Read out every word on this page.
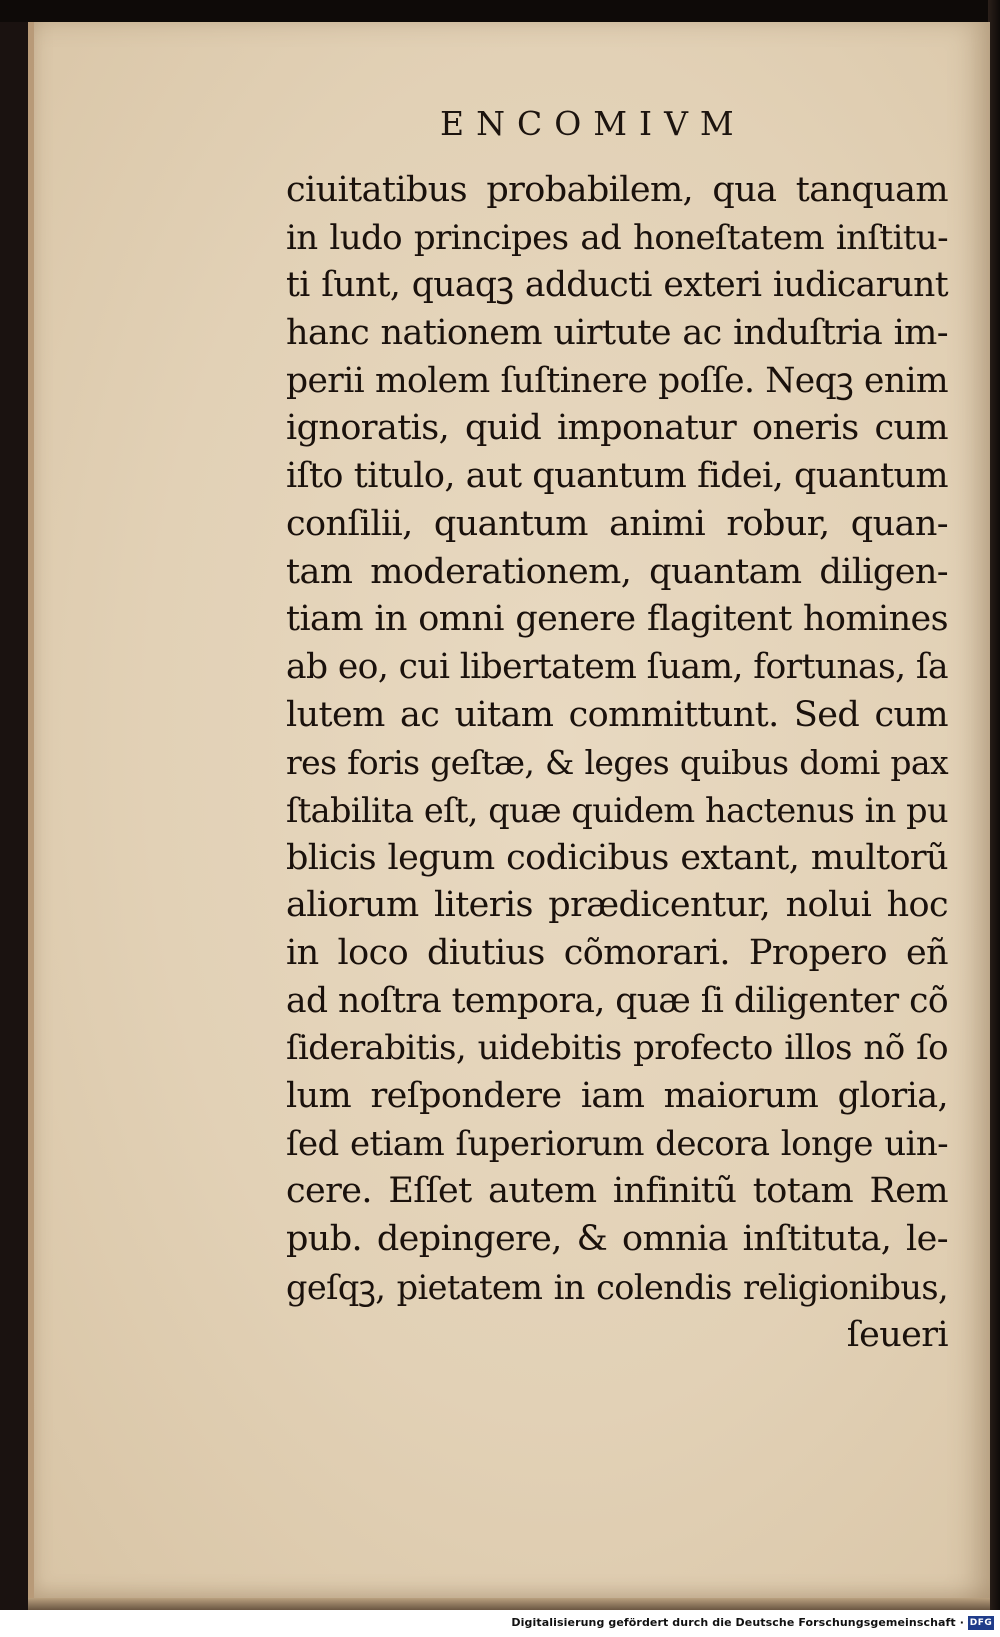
ENCOMIVM
ciuitatibus probabilem, qua tanquam
in ludo principes ad honeſtatem inſtitu-
ti ſunt, quaqꝫ adducti exteri iudicarunt
hanc nationem uirtute ac induſtria im-
perii molem ſuſtinere poſſe. Neqꝫ enim
ignoratis, quid imponatur oneris cum
iſto titulo, aut quantum fidei, quantum
conſilii, quantum animi robur, quan-
tam moderationem, quantam diligen-
tiam in omni genere flagitent homines
ab eo, cui libertatem ſuam, fortunas, ſa
lutem ac uitam committunt. Sed cum
res foris geſtæ, & leges quibus domi pax
ſtabilita eſt, quæ quidem hactenus in pu
blicis legum codicibus extant, multorũ
aliorum literis prædicentur, nolui hoc
in loco diutius cõmorari. Propero eñ
ad noſtra tempora, quæ ſi diligenter cõ
ſiderabitis, uidebitis profecto illos nõ ſo
lum reſpondere iam maiorum gloria,
ſed etiam ſuperiorum decora longe uin-
cere. Eſſet autem infinitũ totam Rem
pub. depingere, & omnia inſtituta, le-
geſqꝫ, pietatem in colendis religionibus,
ſeueri
Digitalisierung gefördert durch die Deutsche Forschungsgemeinschaft · DFG
